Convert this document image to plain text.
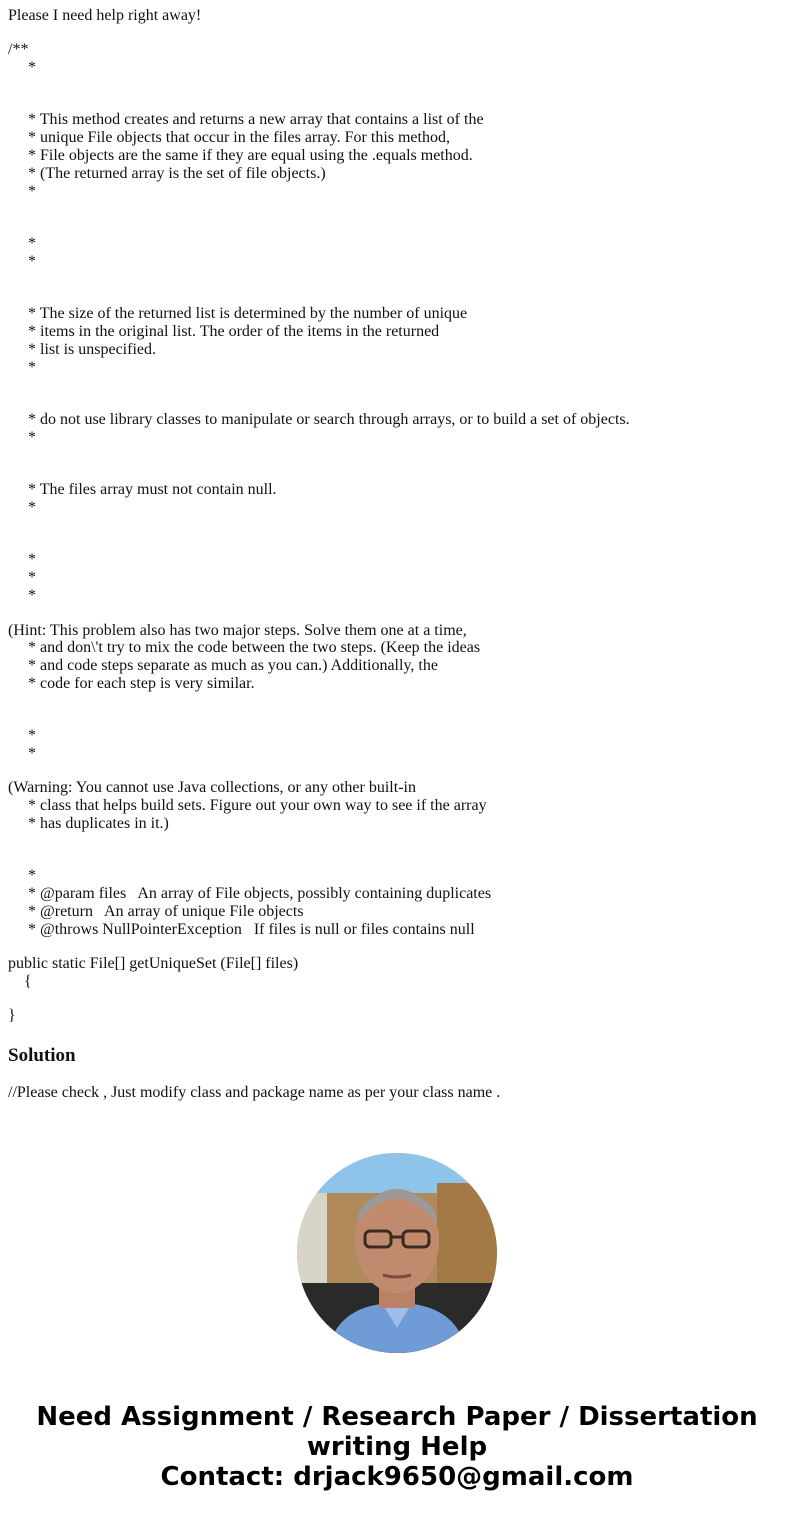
Please I need help right away!
/**
*
* This method creates and returns a new array that contains a list of the
* unique File objects that occur in the files array. For this method,
* File objects are the same if they are equal using the .equals method.
* (The returned array is the set of file objects.)
*
*
*
* The size of the returned list is determined by the number of unique
* items in the original list. The order of the items in the returned
* list is unspecified.
*
* do not use library classes to manipulate or search through arrays, or to build a set of objects.
*
* The files array must not contain null.
*
*
*
*
(Hint: This problem also has two major steps. Solve them one at a time,
* and don\'t try to mix the code between the two steps. (Keep the ideas
* and code steps separate as much as you can.) Additionally, the
* code for each step is very similar.
*
*
(Warning: You cannot use Java collections, or any other built-in
* class that helps build sets. Figure out your own way to see if the array
* has duplicates in it.)
*
* @param files   An array of File objects, possibly containing duplicates
* @return   An array of unique File objects
* @throws NullPointerException   If files is null or files contains null
public static File[] getUniqueSet (File[] files)
{
}
Solution
//Please check , Just modify class and package name as per your class name .
Need Assignment / Research Paper / Dissertation
writing Help
Contact: drjack9650@gmail.com
